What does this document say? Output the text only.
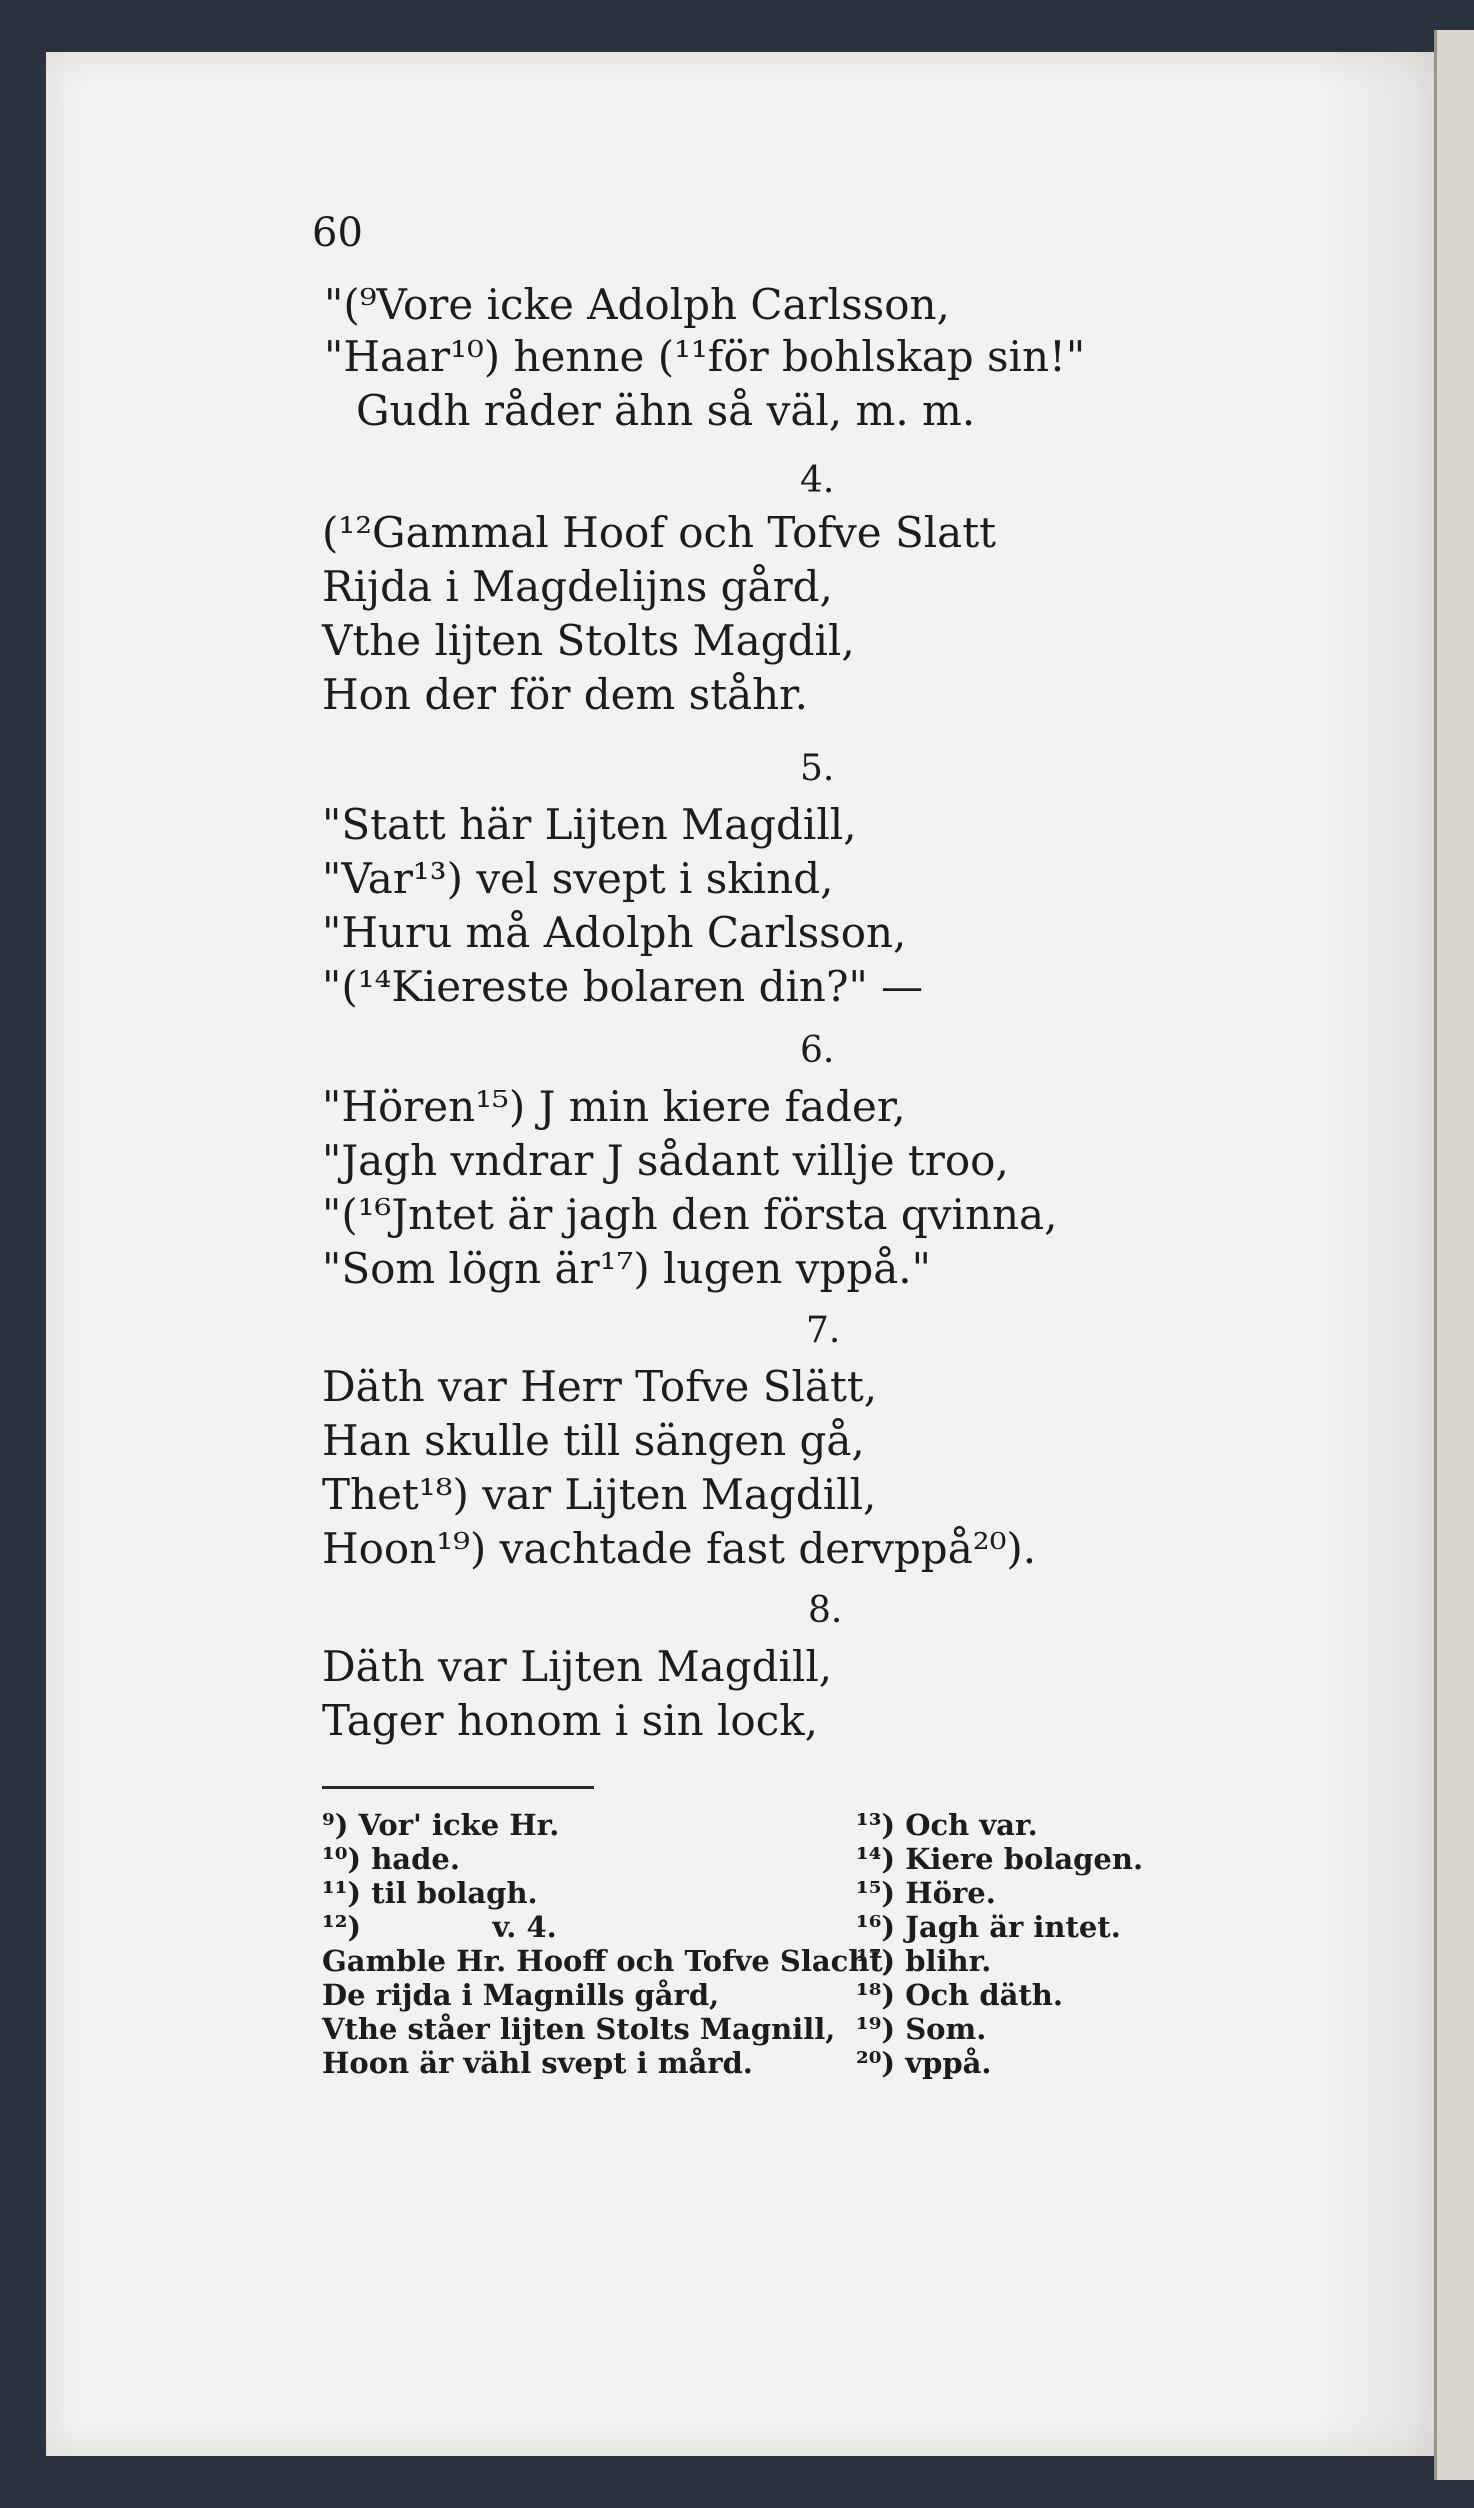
60
"(⁹Vore icke Adolph Carlsson,
"Haar¹⁰) henne (¹¹för bohlskap sin!"
Gudh råder ähn så väl, m. m.
4.
(¹²Gammal Hoof och Tofve Slatt
Rijda i Magdelijns gård,
Vthe lijten Stolts Magdil,
Hon der för dem ståhr.
5.
"Statt här Lijten Magdill,
"Var¹³) vel svept i skind,
"Huru må Adolph Carlsson,
"(¹⁴Kiereste bolaren din?" —
6.
"Hören¹⁵) J min kiere fader,
"Jagh vndrar J sådant villje troo,
"(¹⁶Jntet är jagh den första qvinna,
"Som lögn är¹⁷) lugen vppå."
7.
Däth var Herr Tofve Slätt,
Han skulle till sängen gå,
Thet¹⁸) var Lijten Magdill,
Hoon¹⁹) vachtade fast dervppå²⁰).
8.
Däth var Lijten Magdill,
Tager honom i sin lock,
⁹) Vor' icke Hr.
¹⁰) hade.
¹¹) til bolagh.
¹²)             v. 4.
Gamble Hr. Hooff och Tofve Slacht,
De rijda i Magnills gård,
Vthe ståer lijten Stolts Magnill,
Hoon är vähl svept i mård.
¹³) Och var.
¹⁴) Kiere bolagen.
¹⁵) Höre.
¹⁶) Jagh är intet.
¹⁷) blihr.
¹⁸) Och däth.
¹⁹) Som.
²⁰) vppå.
